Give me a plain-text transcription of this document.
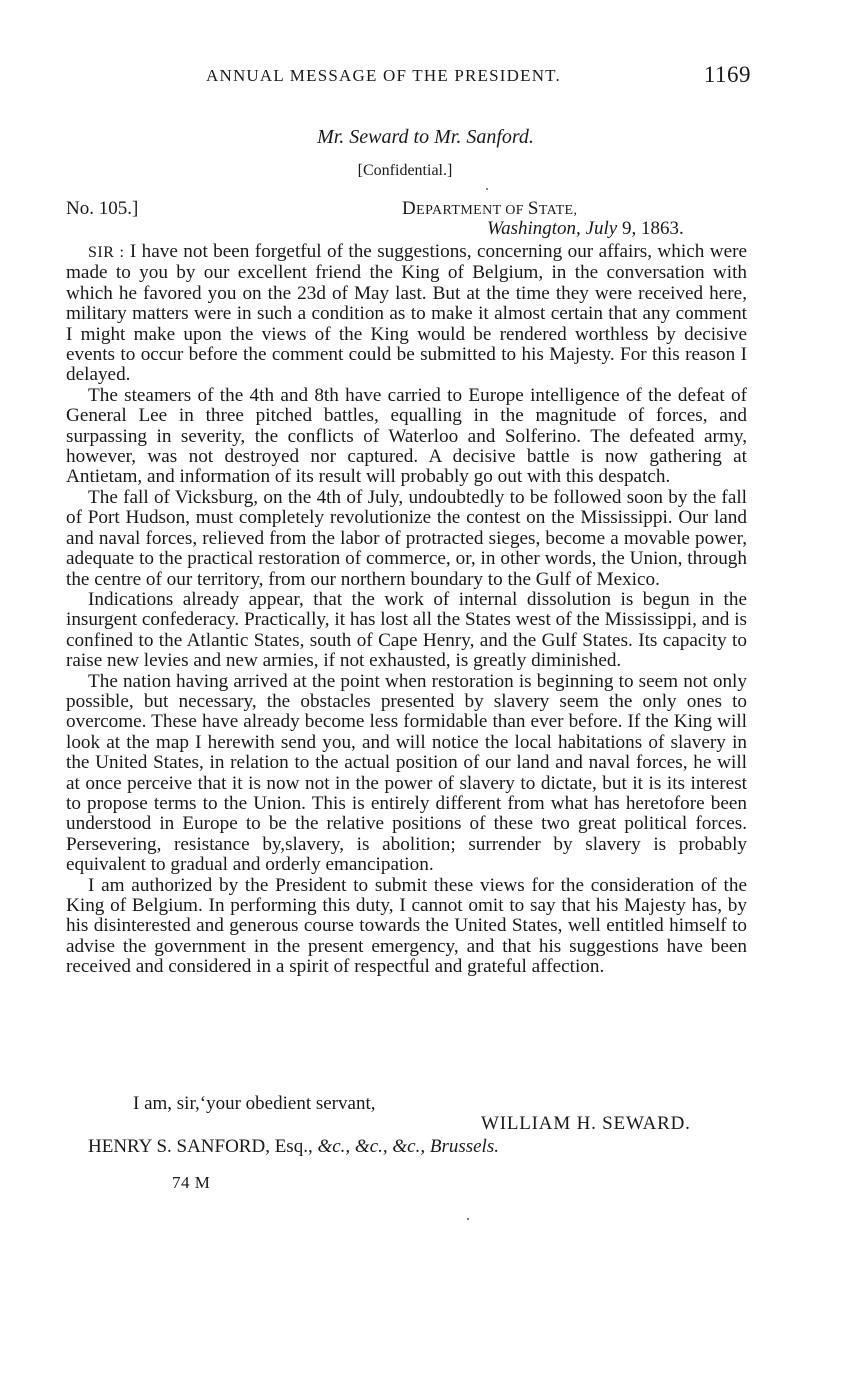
ANNUAL MESSAGE OF THE PRESIDENT.	1169
Mr. Seward to Mr. Sanford.
[Confidential.]
No. 105.]	DEPARTMENT OF STATE,
Washington, July 9, 1863.

SIR : I have not been forgetful of the suggestions, concerning our affairs, which were made to you by our excellent friend the King of Belgium, in the conversation with which he favored you on the 23d of May last. But at the time they were received here, military matters were in such a condition as to make it almost certain that any comment I might make upon the views of the King would be rendered worthless by decisive events to occur before the comment could be submitted to his Majesty. For this reason I delayed.

The steamers of the 4th and 8th have carried to Europe intelligence of the defeat of General Lee in three pitched battles, equalling in the magnitude of forces, and surpassing in severity, the conflicts of Waterloo and Solferino. The defeated army, however, was not destroyed nor captured. A decisive battle is now gathering at Antietam, and information of its result will probably go out with this despatch.

The fall of Vicksburg, on the 4th of July, undoubtedly to be followed soon by the fall of Port Hudson, must completely revolutionize the contest on the Mississippi. Our land and naval forces, relieved from the labor of protracted sieges, become a movable power, adequate to the practical restoration of commerce, or, in other words, the Union, through the centre of our territory, from our northern boundary to the Gulf of Mexico.

Indications already appear, that the work of internal dissolution is begun in the insurgent confederacy. Practically, it has lost all the States west of the Mississippi, and is confined to the Atlantic States, south of Cape Henry, and the Gulf States. Its capacity to raise new levies and new armies, if not exhausted, is greatly diminished.

The nation having arrived at the point when restoration is beginning to seem not only possible, but necessary, the obstacles presented by slavery seem the only ones to overcome. These have already become less formidable than ever before. If the King will look at the map I herewith send you, and will notice the local habitations of slavery in the United States, in relation to the actual position of our land and naval forces, he will at once perceive that it is now not in the power of slavery to dictate, but it is its interest to propose terms to the Union. This is entirely different from what has heretofore been understood in Europe to be the relative positions of these two great political forces. Persevering, resistance by,slavery, is abolition; surrender by slavery is probably equivalent to gradual and orderly emancipation.

I am authorized by the President to submit these views for the consideration of the King of Belgium. In performing this duty, I cannot omit to say that his Majesty has, by his disinterested and generous course towards the United States, well entitled himself to advise the government in the present emergency, and that his suggestions have been received and considered in a spirit of respectful and grateful affection.

I am, sir,‘your obedient servant,
WILLIAM H. SEWARD.
HENRY S. SANFORD, Esq., &c., &c., &c., Brussels.
74 M
